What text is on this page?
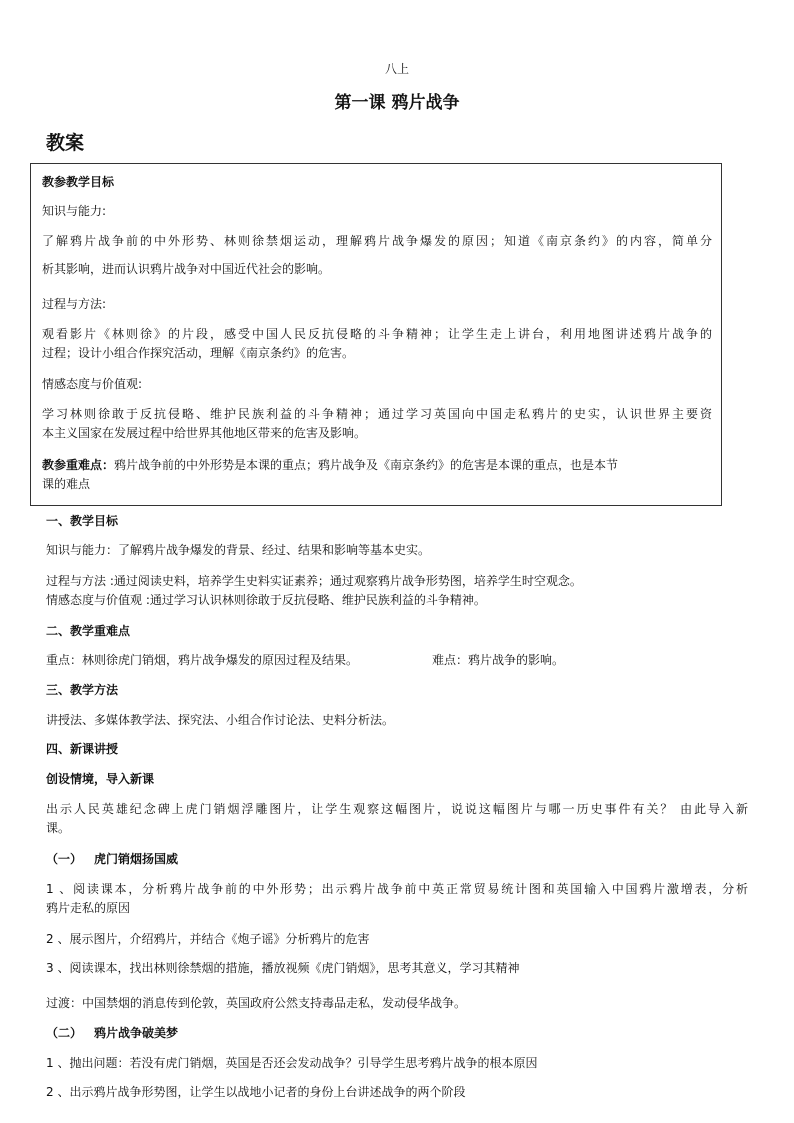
八上
第一课 鸦片战争
教案
教参教学目标
知识与能力:
了解鸦片战争前的中外形势、林则徐禁烟运动，理解鸦片战争爆发的原因；知道《南京条约》的内容，简单分
析其影响，进而认识鸦片战争对中国近代社会的影响。
过程与方法:
观看影片《林则徐》的片段，感受中国人民反抗侵略的斗争精神；让学生走上讲台，利用地图讲述鸦片战争的
过程；设计小组合作探究活动，理解《南京条约》的危害。
情感态度与价值观:
学习林则徐敢于反抗侵略、维护民族利益的斗争精神；通过学习英国向中国走私鸦片的史实，认识世界主要资
本主义国家在发展过程中给世界其他地区带来的危害及影响。
教参重难点：鸦片战争前的中外形势是本课的重点；鸦片战争及《南京条约》的危害是本课的重点，也是本节
课的难点
一、教学目标
知识与能力：了解鸦片战争爆发的背景、经过、结果和影响等基本史实。
过程与方法 :通过阅读史料，培养学生史料实证素养；通过观察鸦片战争形势图，培养学生时空观念。
情感态度与价值观 :通过学习认识林则徐敢于反抗侵略、维护民族利益的斗争精神。
二、教学重难点
重点：林则徐虎门销烟，鸦片战争爆发的原因过程及结果。	难点：鸦片战争的影响。
三、教学方法
讲授法、多媒体教学法、探究法、小组合作讨论法、史料分析法。
四、新课讲授
创设情境，导入新课
出示人民英雄纪念碑上虎门销烟浮雕图片，让学生观察这幅图片，说说这幅图片与哪一历史事件有关？ 由此导入新
课。
（一） 虎门销烟扬国威
1 、阅读课本，分析鸦片战争前的中外形势；出示鸦片战争前中英正常贸易统计图和英国输入中国鸦片激增表，分析
鸦片走私的原因
2 、展示图片，介绍鸦片，并结合《炮子谣》分析鸦片的危害
3 、阅读课本，找出林则徐禁烟的措施，播放视频《虎门销烟》，思考其意义，学习其精神
过渡：中国禁烟的消息传到伦敦，英国政府公然支持毒品走私，发动侵华战争。
（二） 鸦片战争破美梦
1 、抛出问题：若没有虎门销烟，英国是否还会发动战争？引导学生思考鸦片战争的根本原因
2 、出示鸦片战争形势图，让学生以战地小记者的身份上台讲述战争的两个阶段
